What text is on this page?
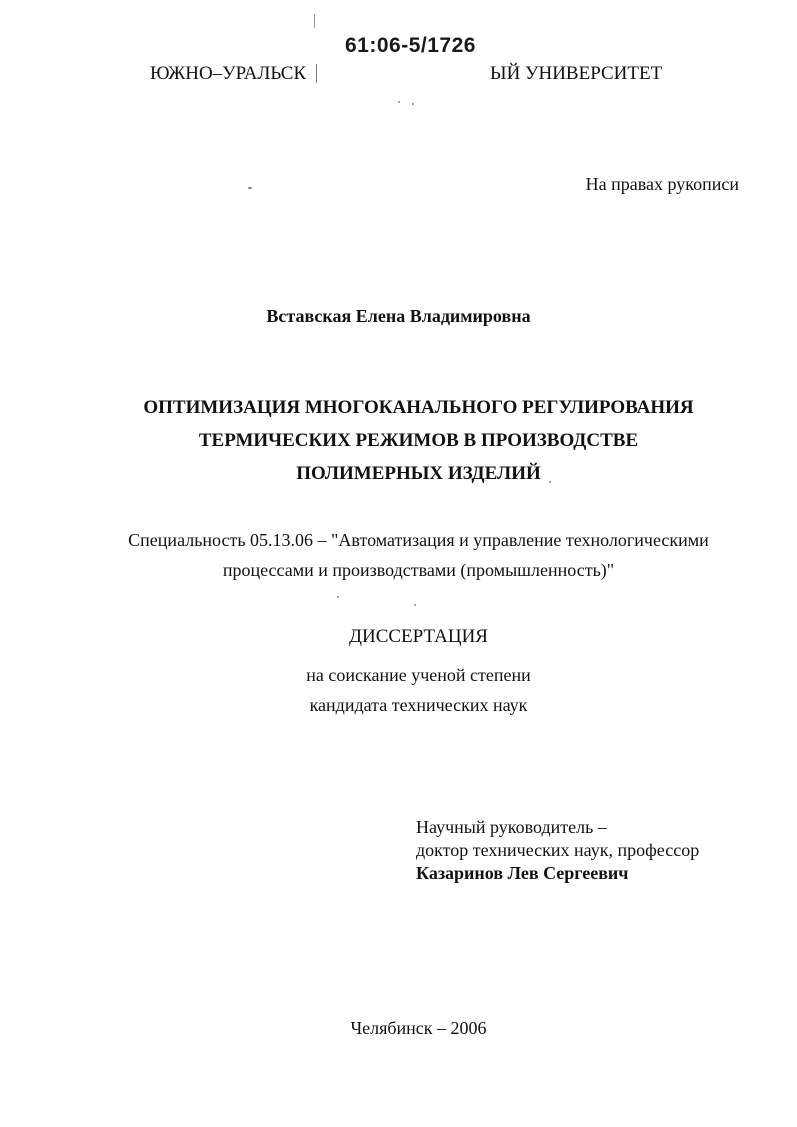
61:06-5/1726
ЮЖНО–УРАЛЬСК	ЫЙ УНИВЕРСИТЕТ
На правах рукописи
Вставская Елена Владимировна
ОПТИМИЗАЦИЯ МНОГОКАНАЛЬНОГО РЕГУЛИРОВАНИЯ
ТЕРМИЧЕСКИХ РЕЖИМОВ В ПРОИЗВОДСТВЕ
ПОЛИМЕРНЫХ ИЗДЕЛИЙ
Специальность 05.13.06 – "Автоматизация и управление технологическими
процессами и производствами (промышленность)"
ДИССЕРТАЦИЯ
на соискание ученой степени
кандидата технических наук
Научный руководитель –
доктор технических наук, профессор
Казаринов Лев Сергеевич
Челябинск – 2006
